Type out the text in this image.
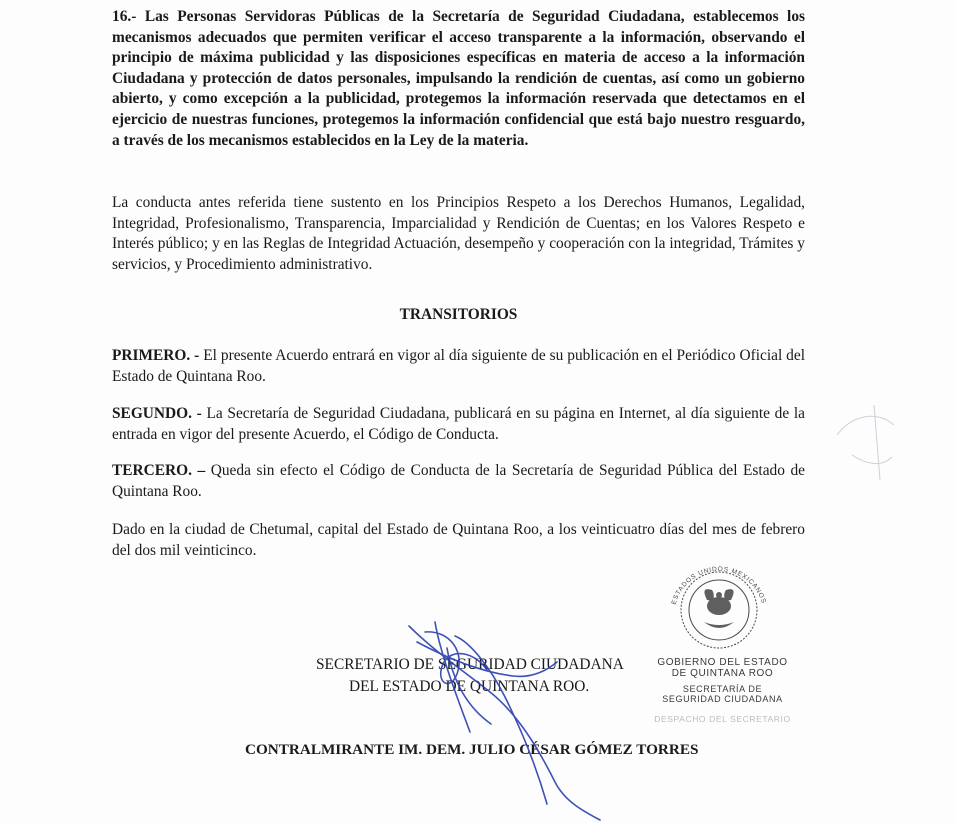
16.- Las Personas Servidoras Públicas de la Secretaría de Seguridad Ciudadana, establecemos los mecanismos adecuados que permiten verificar el acceso transparente a la información, observando el principio de máxima publicidad y las disposiciones específicas en materia de acceso a la información Ciudadana y protección de datos personales, impulsando la rendición de cuentas, así como un gobierno abierto, y como excepción a la publicidad, protegemos la información reservada que detectamos en el ejercicio de nuestras funciones, protegemos la información confidencial que está bajo nuestro resguardo, a través de los mecanismos establecidos en la Ley de la materia.

La conducta antes referida tiene sustento en los Principios Respeto a los Derechos Humanos, Legalidad, Integridad, Profesionalismo, Transparencia, Imparcialidad y Rendición de Cuentas; en los Valores Respeto e Interés público; y en las Reglas de Integridad Actuación, desempeño y cooperación con la integridad, Trámites y servicios, y Procedimiento administrativo.

TRANSITORIOS
PRIMERO. - El presente Acuerdo entrará en vigor al día siguiente de su publicación en el Periódico Oficial del Estado de Quintana Roo.
SEGUNDO. - La Secretaría de Seguridad Ciudadana, publicará en su página en Internet, al día siguiente de la entrada en vigor del presente Acuerdo, el Código de Conducta.
TERCERO. – Queda sin efecto el Código de Conducta de la Secretaría de Seguridad Pública del Estado de Quintana Roo.
Dado en la ciudad de Chetumal, capital del Estado de Quintana Roo, a los veinticuatro días del mes de febrero del dos mil veinticinco.
ESTADOS UNIDOS MEXICANOS
GOBIERNO DEL ESTADO
DE QUINTANA ROO
SECRETARÍA DE
SEGURIDAD CIUDADANA
DESPACHO DEL SECRETARIO
SECRETARIO DE SEGURIDAD CIUDADANA
DEL ESTADO DE QUINTANA ROO.
CONTRALMIRANTE IM. DEM. JULIO CÉSAR GÓMEZ TORRES
